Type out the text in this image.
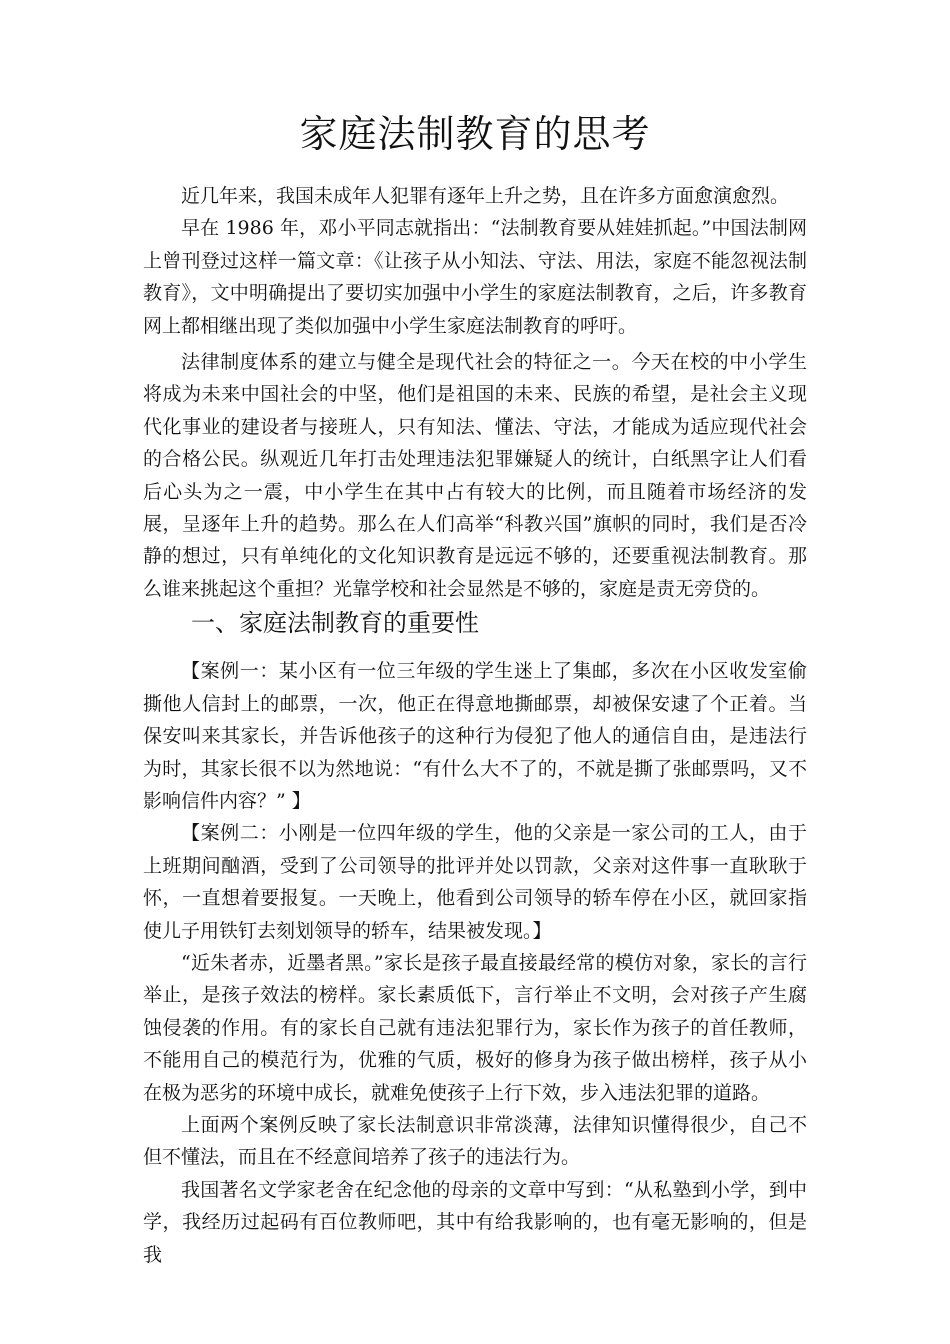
家庭法制教育的思考

近几年来，我国未成年人犯罪有逐年上升之势，且在许多方面愈演愈烈。

早在 1986 年，邓小平同志就指出：“法制教育要从娃娃抓起。”中国法制网上曾刊登过这样一篇文章：《让孩子从小知法、守法、用法，家庭不能忽视法制教育》，文中明确提出了要切实加强中小学生的家庭法制教育，之后，许多教育网上都相继出现了类似加强中小学生家庭法制教育的呼吁。

法律制度体系的建立与健全是现代社会的特征之一。今天在校的中小学生将成为未来中国社会的中坚，他们是祖国的未来、民族的希望，是社会主义现代化事业的建设者与接班人，只有知法、懂法、守法，才能成为适应现代社会的合格公民。纵观近几年打击处理违法犯罪嫌疑人的统计，白纸黑字让人们看后心头为之一震，中小学生在其中占有较大的比例，而且随着市场经济的发展，呈逐年上升的趋势。那么在人们高举“科教兴国”旗帜的同时，我们是否冷静的想过，只有单纯化的文化知识教育是远远不够的，还要重视法制教育。那么谁来挑起这个重担？光靠学校和社会显然是不够的，家庭是责无旁贷的。

一、家庭法制教育的重要性

【案例一：某小区有一位三年级的学生迷上了集邮，多次在小区收发室偷撕他人信封上的邮票，一次，他正在得意地撕邮票，却被保安逮了个正着。当保安叫来其家长，并告诉他孩子的这种行为侵犯了他人的通信自由，是违法行为时，其家长很不以为然地说：“有什么大不了的，不就是撕了张邮票吗，又不影响信件内容？” 】

【案例二：小刚是一位四年级的学生，他的父亲是一家公司的工人，由于上班期间酗酒，受到了公司领导的批评并处以罚款，父亲对这件事一直耿耿于怀，一直想着要报复。一天晚上，他看到公司领导的轿车停在小区，就回家指使儿子用铁钉去刻划领导的轿车，结果被发现。】

“近朱者赤，近墨者黑。”家长是孩子最直接最经常的模仿对象，家长的言行举止，是孩子效法的榜样。家长素质低下，言行举止不文明，会对孩子产生腐蚀侵袭的作用。有的家长自己就有违法犯罪行为，家长作为孩子的首任教师，不能用自己的模范行为，优雅的气质，极好的修身为孩子做出榜样，孩子从小在极为恶劣的环境中成长，就难免使孩子上行下效，步入违法犯罪的道路。

上面两个案例反映了家长法制意识非常淡薄，法律知识懂得很少，自己不但不懂法，而且在不经意间培养了孩子的违法行为。

我国著名文学家老舍在纪念他的母亲的文章中写到：“从私塾到小学，到中学，我经历过起码有百位教师吧，其中有给我影响的，也有毫无影响的，但是我
